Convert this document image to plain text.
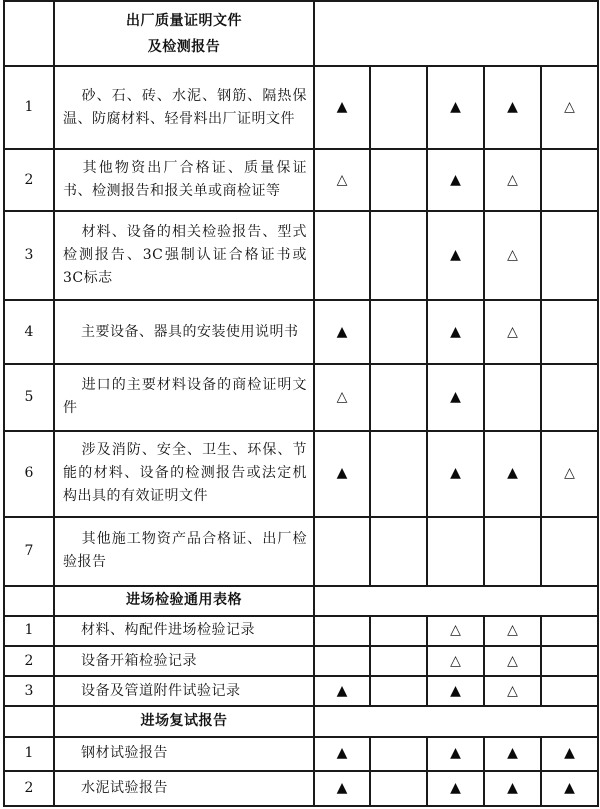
	出厂质量证明文件
及检测报告					

1	砂、石、砖、水泥、钢筋、隔热保温、防腐材料、轻骨料出厂证明文件	▲		▲	▲	△
2	其他物资出厂合格证、质量保证书、检测报告和报关单或商检证等	△		▲	△	
3	材料、设备的相关检验报告、型式检测报告、3C强制认证合格证书或3C标志			▲	△	
4	主要设备、器具的安装使用说明书	▲		▲	△	
5	进口的主要材料设备的商检证明文件	△		▲		
6	涉及消防、安全、卫生、环保、节能的材料、设备的检测报告或法定机构出具的有效证明文件	▲		▲	▲	△
7	其他施工物资产品合格证、出厂检验报告					

	进场检验通用表格					

1	材料、构配件进场检验记录			△	△	
2	设备开箱检验记录			△	△	
3	设备及管道附件试验记录	▲		▲	△	

	进场复试报告					

1	钢材试验报告	▲		▲	▲	▲
2	水泥试验报告	▲		▲	▲	▲
